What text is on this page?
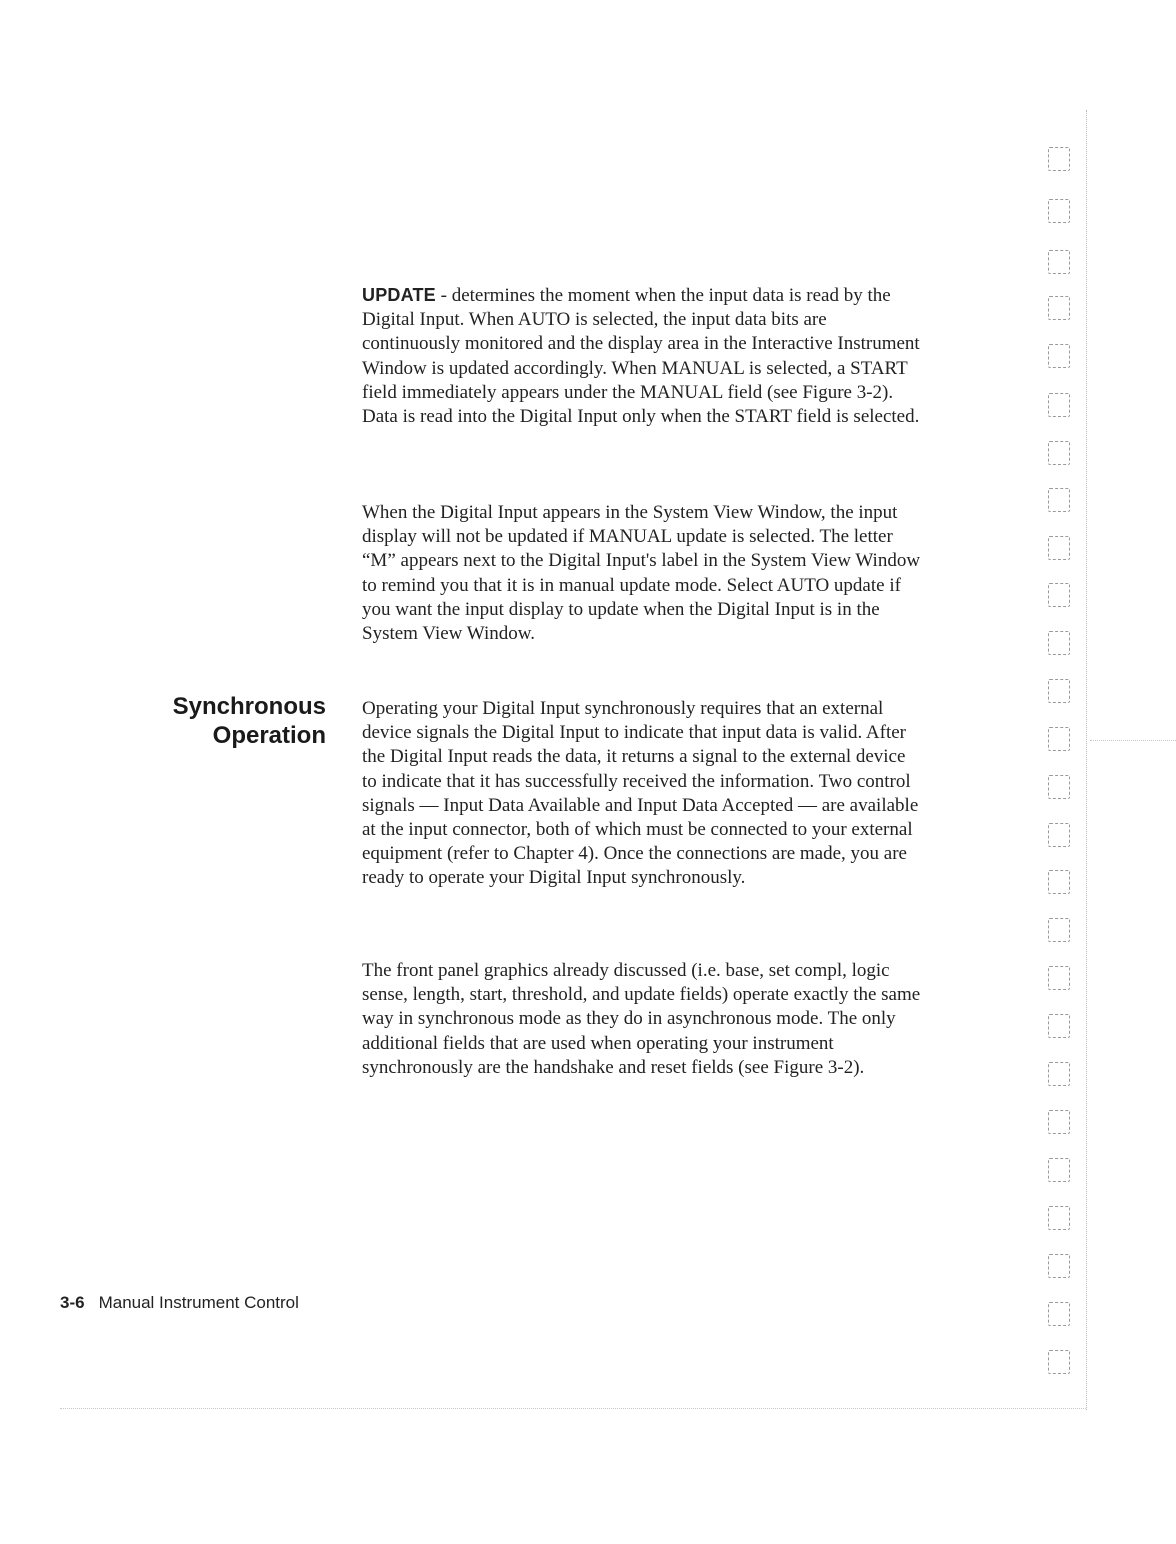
UPDATE - determines the moment when the input data is read by the Digital Input. When AUTO is selected, the input data bits are continuously monitored and the display area in the Interactive Instrument Window is updated accordingly. When MANUAL is selected, a START field immediately appears under the MANUAL field (see Figure 3-2). Data is read into the Digital Input only when the START field is selected.

When the Digital Input appears in the System View Window, the input display will not be updated if MANUAL update is selected. The letter “M” appears next to the Digital Input's label in the System View Window to remind you that it is in manual update mode. Select AUTO update if you want the input display to update when the Digital Input is in the System View Window.

Synchronous
Operation

Operating your Digital Input synchronously requires that an external device signals the Digital Input to indicate that input data is valid. After the Digital Input reads the data, it returns a signal to the external device to indicate that it has successfully received the information. Two control signals — Input Data Available and Input Data Accepted — are available at the input connector, both of which must be connected to your external equipment (refer to Chapter 4). Once the connections are made, you are ready to operate your Digital Input synchronously.

The front panel graphics already discussed (i.e. base, set compl, logic sense, length, start, threshold, and update fields) operate exactly the same way in synchronous mode as they do in asynchronous mode. The only additional fields that are used when operating your instrument synchronously are the handshake and reset fields (see Figure 3-2).

3-6 Manual Instrument Control
